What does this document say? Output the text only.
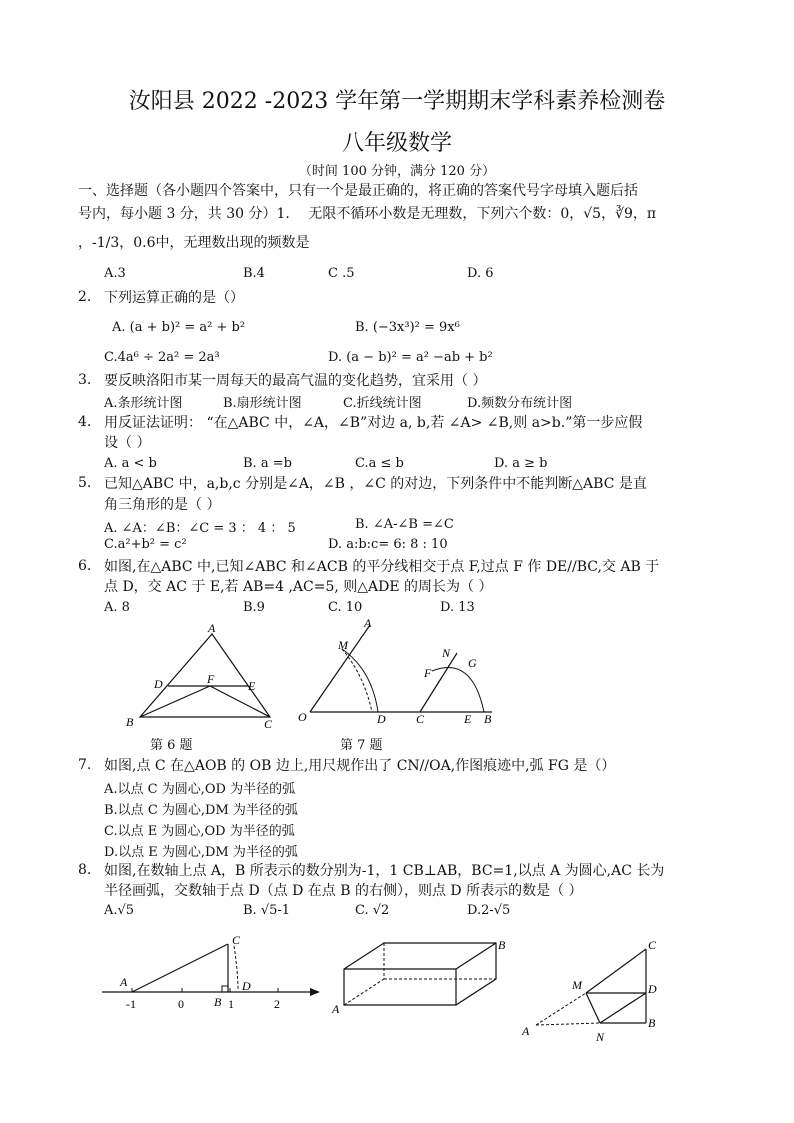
汝阳县 2022 -2023 学年第一学期期末学科素养检测卷
八年级数学
（时间 100 分钟，满分 120 分）
一、选择题（各小题四个答案中，只有一个是最正确的，将正确的答案代号字母填入题后括
号内，每小题 3 分，共 30 分）1.　 无限不循环小数是无理数，下列六个数：0，√5，∛9，π
，-1/3，0.6中，无理数出现的频数是
A.3	B.4	C .5	D. 6
2. 下列运算正确的是（）
A. (a + b)² = a² + b²	B. (−3x³)² = 9x⁶
C.4a⁶ ÷ 2a² = 2a³	D. (a − b)² = a² −ab + b²
3. 要反映洛阳市某一周每天的最高气温的变化趋势，宜采用（ ）
A.条形统计图	B.扇形统计图	C.折线统计图	D.频数分布统计图
4. 用反证法证明： “在△ABC 中，∠A，∠B”对边 a, b,若 ∠A> ∠B,则 a>b.”第一步应假
设（ ）
A. a < b	B. a =b	C.a ≤ b	D. a ≥ b
5. 已知△ABC 中，a,b,c 分别是∠A，∠B ，∠C 的对边，下列条件中不能判断△ABC 是直
角三角形的是（ ）
A. ∠A：∠B：∠C = 3 ： 4 ： 5	B. ∠A-∠B =∠C
C.a²+b² = c²	D. a:b:c= 6: 8 : 10
6. 如图,在△ABC 中,已知∠ABC 和∠ACB 的平分线相交于点 F,过点 F 作 DE//BC,交 AB 于
点 D，交 AC 于 E,若 AB=4 ,AC=5, 则△ADE 的周长为（ ）
A. 8	B.9	C. 10	D. 13
A
D	F	E
B	C
第 6 题
A
M
N
G
F
O	D	C	E B
第 7 题
7. 如图,点 C 在△AOB 的 OB 边上,用尺规作出了 CN//OA,作图痕迹中,弧 FG 是（）
A.以点 C 为圆心,OD 为半径的弧
B.以点 C 为圆心,DM 为半径的弧
C.以点 E 为圆心,OD 为半径的弧
D.以点 E 为圆心,DM 为半径的弧
8. 如图,在数轴上点 A，B 所表示的数分别为-1，1 CB⊥AB，BC=1,以点 A 为圆心,AC 长为
半径画弧，交数轴于点 D（点 D 在点 B 的右侧），则点 D 所表示的数是（ ）
A.√5	B. √5-1	C. √2	D.2-√5
C
A	D
B
-1	0	1	2
B
A
C
M	D
A	N
B
